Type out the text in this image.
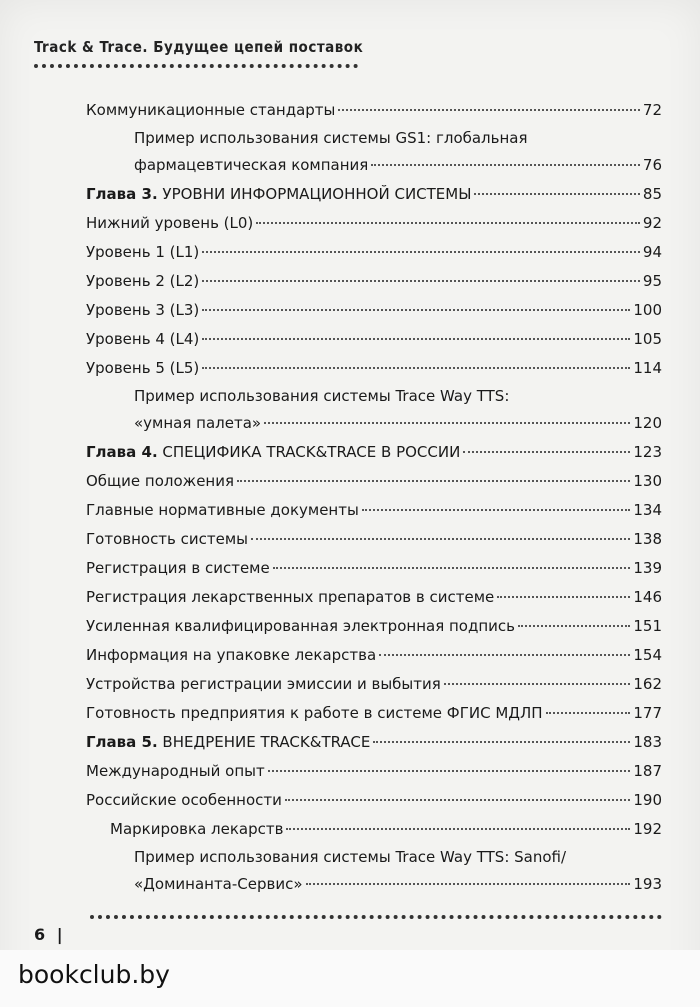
Track & Trace. Будущее цепей поставок
Коммуникационные стандарты	72
Пример использования системы GS1: глобальная
фармацевтическая компания	76
Глава 3. УРОВНИ ИНФОРМАЦИОННОЙ СИСТЕМЫ	85
Нижний уровень (L0)	92
Уровень 1 (L1)	94
Уровень 2 (L2)	95
Уровень 3 (L3)	100
Уровень 4 (L4)	105
Уровень 5 (L5)	114
Пример использования системы Trace Way TTS:
«умная палета»	120
Глава 4. СПЕЦИФИКА TRACK&TRACE В РОССИИ	123
Общие положения	130
Главные нормативные документы	134
Готовность системы	138
Регистрация в системе	139
Регистрация лекарственных препаратов в системе	146
Усиленная квалифицированная электронная подпись	151
Информация на упаковке лекарства	154
Устройства регистрации эмиссии и выбытия	162
Готовность предприятия к работе в системе ФГИС МДЛП	177
Глава 5. ВНЕДРЕНИЕ TRACK&TRACE	183
Международный опыт	187
Российские особенности	190
Маркировка лекарств	192
Пример использования системы Trace Way TTS: Sanofi/
«Доминанта-Сервис»	193
6 |
bookclub.by
